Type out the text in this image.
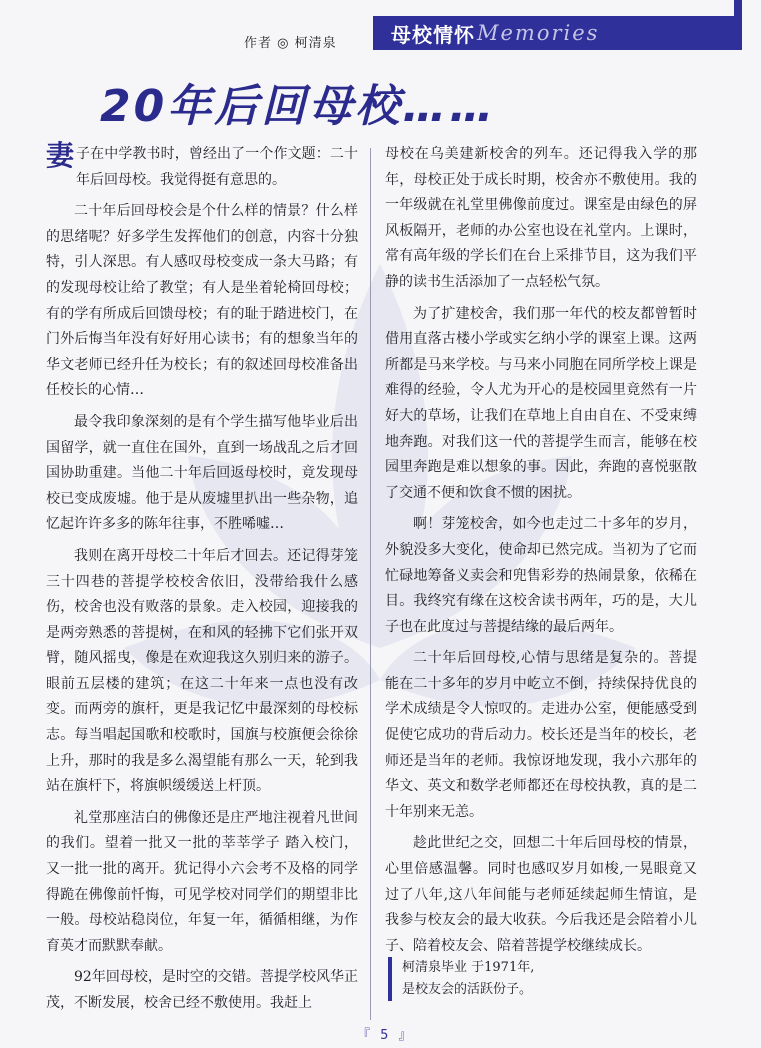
作者 ◎ 柯清泉	母校情怀 Memories
20年后回母校……

妻子在中学教书时，曾经出了一个作文题：二十年后回母校。我觉得挺有意思的。

二十年后回母校会是个什么样的情景？什么样的思绪呢？好多学生发挥他们的创意，内容十分独特，引人深思。有人感叹母校变成一条大马路；有的发现母校让给了教堂；有人是坐着轮椅回母校；有的学有所成后回馈母校；有的耻于踏进校门，在门外后悔当年没有好好用心读书；有的想象当年的华文老师已经升任为校长；有的叙述回母校准备出任校长的心情…

最令我印象深刻的是有个学生描写他毕业后出国留学，就一直住在国外，直到一场战乱之后才回国协助重建。当他二十年后回返母校时，竟发现母校已变成废墟。他于是从废墟里扒出一些杂物，追忆起许许多多的陈年往事，不胜唏嘘…

我则在离开母校二十年后才回去。还记得芽笼三十四巷的菩提学校校舍依旧，没带给我什么感伤，校舍也没有败落的景象。走入校园，迎接我的是两旁熟悉的菩提树，在和风的轻拂下它们张开双臂，随风摇曳，像是在欢迎我这久别归来的游子。眼前五层楼的建筑；在这二十年来一点也没有改变。而两旁的旗杆，更是我记忆中最深刻的母校标志。每当唱起国歌和校歌时，国旗与校旗便会徐徐上升，那时的我是多么渴望能有那么一天，轮到我站在旗杆下，将旗帜缓缓送上杆顶。

礼堂那座洁白的佛像还是庄严地注视着凡世间的我们。望着一批又一批的莘莘学子 踏入校门，又一批一批的离开。犹记得小六会考不及格的同学得跪在佛像前忏悔，可见学校对同学们的期望非比一般。母校站稳岗位，年复一年，循循相继，为作育英才而默默奉献。

92年回母校，是时空的交错。菩提学校风华正茂，不断发展，校舍已经不敷使用。我赶上

母校在乌美建新校舍的列车。还记得我入学的那年，母校正处于成长时期，校舍亦不敷使用。我的一年级就在礼堂里佛像前度过。课室是由绿色的屏风板隔开，老师的办公室也设在礼堂内。上课时，常有高年级的学长们在台上采排节目，这为我们平静的读书生活添加了一点轻松气氛。

为了扩建校舍，我们那一年代的校友都曾暂时借用直落古楼小学或实乞纳小学的课室上课。这两所都是马来学校。与马来小同胞在同所学校上课是难得的经验，令人尤为开心的是校园里竟然有一片好大的草场，让我们在草地上自由自在、不受束缚地奔跑。对我们这一代的菩提学生而言，能够在校园里奔跑是难以想象的事。因此，奔跑的喜悦驱散了交通不便和饮食不惯的困扰。

啊！芽笼校舍，如今也走过二十多年的岁月，外貌没多大变化，使命却已然完成。当初为了它而忙碌地筹备义卖会和兜售彩券的热闹景象，依稀在目。我终究有缘在这校舍读书两年，巧的是，大儿子也在此度过与菩提结缘的最后两年。

二十年后回母校,心情与思绪是复杂的。菩提能在二十多年的岁月中屹立不倒，持续保持优良的学术成绩是令人惊叹的。走进办公室，便能感受到促使它成功的背后动力。校长还是当年的校长，老师还是当年的老师。我惊讶地发现，我小六那年的华文、英文和数学老师都还在母校执教，真的是二十年别来无恙。

趁此世纪之交，回想二十年后回母校的情景，心里倍感温馨。同时也感叹岁月如梭,一晃眼竟又过了八年,这八年间能与老师延续起师生情谊，是我参与校友会的最大收获。今后我还是会陪着小儿子、陪着校友会、陪着菩提学校继续成长。

柯清泉毕业 于1971年,
是校友会的活跃份子。
『 5 』
